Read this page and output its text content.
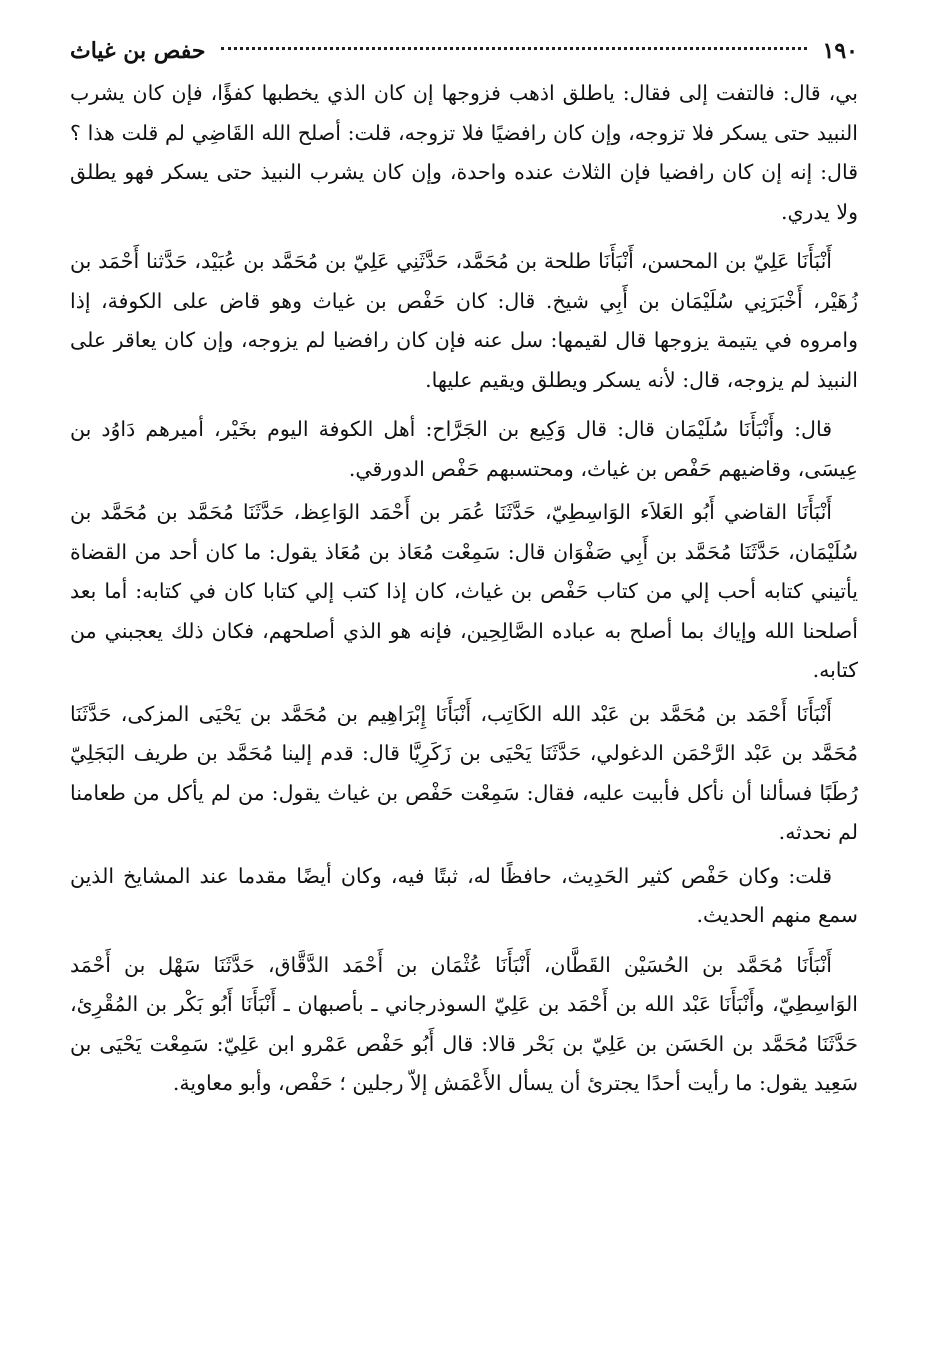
١٩٠
حفص بن غياث

بي، قال: فالتفت إلى فقال: ياطلق اذهب فزوجها إن كان الذي يخطبها كفؤًا، فإن كان يشرب النبيد حتى يسكر فلا تزوجه، وإن كان رافضيًا فلا تزوجه، قلت: أصلح الله القَاضِي لم قلت هذا ؟ قال: إنه إن كان رافضيا فإن الثلاث عنده واحدة، وإن كان يشرب النبيذ حتى يسكر فهو يطلق ولا يدري.

أَنْبَأَنَا عَلِيّ بن المحسن، أَنْبَأَنَا طلحة بن مُحَمَّد، حَدَّثَنِي عَلِيّ بن مُحَمَّد بن عُبَيْد، حَدَّثنا أَحْمَد بن زُهَيْر، أَخْبَرَنِي سُلَيْمَان بن أَبِي شيخ. قال: كان حَفْص بن غياث وهو قاض على الكوفة، إذا وامروه في يتيمة يزوجها قال لقيمها: سل عنه فإن كان رافضيا لم يزوجه، وإن كان يعاقر على النبيذ لم يزوجه، قال: لأنه يسكر ويطلق ويقيم عليها.

قال: وأَنْبَأَنَا سُلَيْمَان قال: قال وَكِيع بن الجَرَّاح: أهل الكوفة اليوم بخَيْر، أميرهم دَاوُد بن عِيسَى، وقاضيهم حَفْص بن غياث، ومحتسبهم حَفْص الدورقي.

أَنْبَأَنَا القاضي أَبُو العَلاَء الوَاسِطِيّ، حَدَّثَنَا عُمَر بن أَحْمَد الوَاعِظ، حَدَّثَنَا مُحَمَّد بن مُحَمَّد بن سُلَيْمَان، حَدَّثَنَا مُحَمَّد بن أَبِي صَفْوَان قال: سَمِعْت مُعَاذ بن مُعَاذ يقول: ما كان أحد من القضاة يأتيني كتابه أحب إلي من كتاب حَفْص بن غياث، كان إذا كتب إلي كتابا كان في كتابه: أما بعد أصلحنا الله وإياك بما أصلح به عباده الصَّالِحِين، فإنه هو الذي أصلحهم، فكان ذلك يعجبني من كتابه.

أَنْبَأَنَا أَحْمَد بن مُحَمَّد بن عَبْد الله الكَاتِب، أَنْبَأَنَا إِبْرَاهِيم بن مُحَمَّد بن يَحْيَى المزكى، حَدَّثَنَا مُحَمَّد بن عَبْد الرَّحْمَن الدغولي، حَدَّثَنَا يَحْيَى بن زَكَرِيَّا قال: قدم إلينا مُحَمَّد بن طريف البَجَلِيّ رُطَبًا فسألنا أن نأكل فأبيت عليه، فقال: سَمِعْت حَفْص بن غياث يقول: من لم يأكل من طعامنا لم نحدثه.

قلت: وكان حَفْص كثير الحَدِيث، حافظًا له، ثبتًا فيه، وكان أيضًا مقدما عند المشايخ الذين سمع منهم الحديث.

أَنْبَأَنَا مُحَمَّد بن الحُسَيْن القَطَّان، أَنْبَأَنَا عُثْمَان بن أَحْمَد الدَّقَّاق، حَدَّثَنَا سَهْل بن أَحْمَد الوَاسِطِيّ، وأَنْبَأَنَا عَبْد الله بن أَحْمَد بن عَلِيّ السوذرجاني ـ بأصبهان ـ أَنْبَأَنَا أَبُو بَكْر بن المُقْرِئ، حَدَّثَنَا مُحَمَّد بن الحَسَن بن عَلِيّ بن بَحْر قالا: قال أَبُو حَفْص عَمْرو ابن عَلِيّ: سَمِعْت يَحْيَى بن سَعِيد يقول: ما رأيت أحدًا يجترئ أن يسأل الأَعْمَش إلاّ رجلين ؛ حَفْص، وأبو معاوية.
